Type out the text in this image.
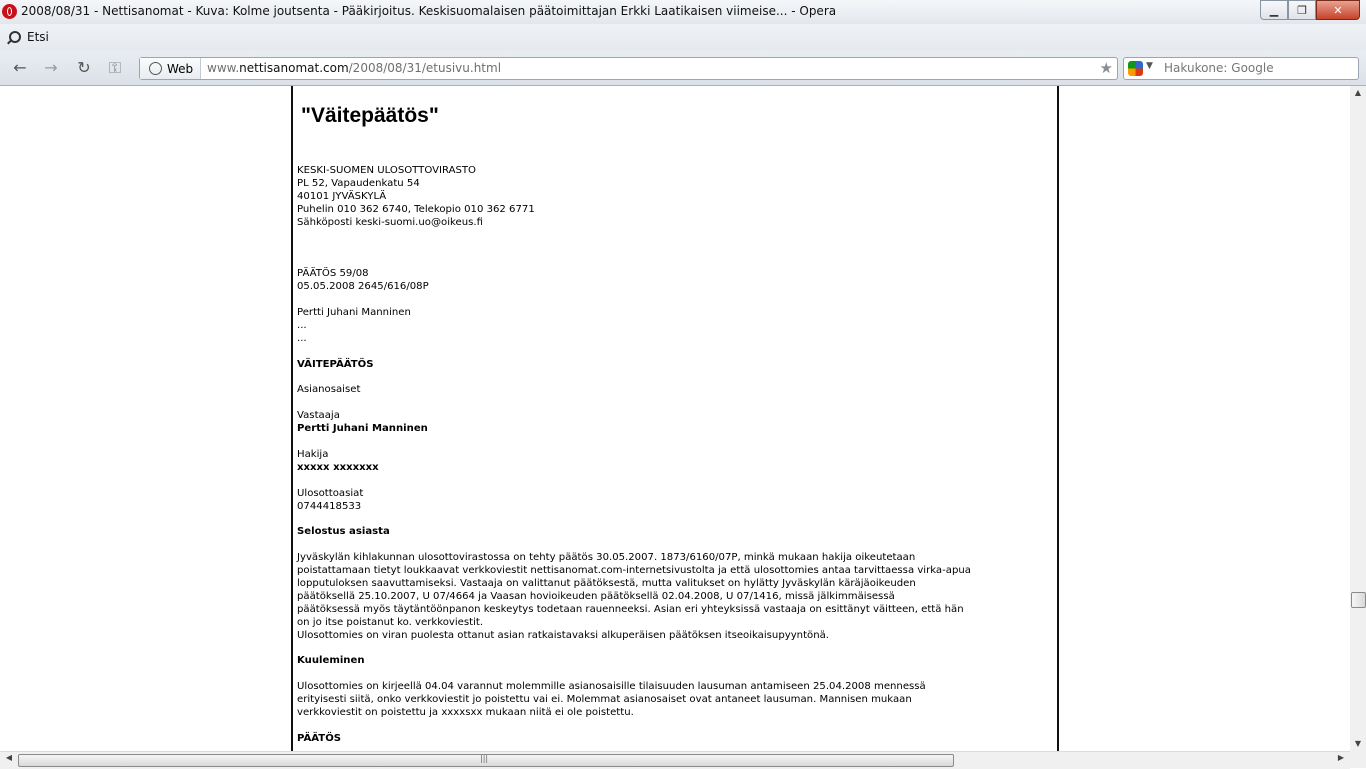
2008/08/31 - Nettisanomat - Kuva: Kolme joutsenta - Pääkirjoitus. Keskisuomalaisen päätoimittajan Erkki Laatikaisen viimeise... - Opera	▁	❐	✕
Etsi
← → ↻ ⚿	Web www.nettisanomat.com/2008/08/31/etusivu.html	★	▼ Hakukone: Google
"Väitepäätös"

KESKI-SUOMEN ULOSOTTOVIRASTO

PL 52, Vapaudenkatu 54

40101 JYVÄSKYLÄ

Puhelin 010 362 6740, Telekopio 010 362 6771

Sähköposti keski-suomi.uo@oikeus.fi

PÄÄTÖS 59/08

05.05.2008 2645/616/08P

Pertti Juhani Manninen

...

...

VÄITEPÄÄTÖS

Asianosaiset

Vastaaja

Pertti Juhani Manninen

Hakija

xxxxx xxxxxxx

Ulosottoasiat

0744418533

Selostus asiasta

Jyväskylän kihlakunnan ulosottovirastossa on tehty päätös 30.05.2007. 1873/6160/07P, minkä mukaan hakija oikeutetaan

poistattamaan tietyt loukkaavat verkkoviestit nettisanomat.com-internetsivustolta ja että ulosottomies antaa tarvittaessa virka-apua

lopputuloksen saavuttamiseksi. Vastaaja on valittanut päätöksestä, mutta valitukset on hylätty Jyväskylän käräjäoikeuden

päätöksellä 25.10.2007, U 07/4664 ja Vaasan hovioikeuden päätöksellä 02.04.2008, U 07/1416, missä jälkimmäisessä

päätöksessä myös täytäntöönpanon keskeytys todetaan rauenneeksi. Asian eri yhteyksissä vastaaja on esittänyt väitteen, että hän

on jo itse poistanut ko. verkkoviestit.

Ulosottomies on viran puolesta ottanut asian ratkaistavaksi alkuperäisen päätöksen itseoikaisupyyntönä.

Kuuleminen

Ulosottomies on kirjeellä 04.04 varannut molemmille asianosaisille tilaisuuden lausuman antamiseen 25.04.2008 mennessä

erityisesti siitä, onko verkkoviestit jo poistettu vai ei. Molemmat asianosaiset ovat antaneet lausuman. Mannisen mukaan

verkkoviestit on poistettu ja xxxxsxx mukaan niitä ei ole poistettu.

PÄÄTÖS

▲
▼
◀	|||	▶
